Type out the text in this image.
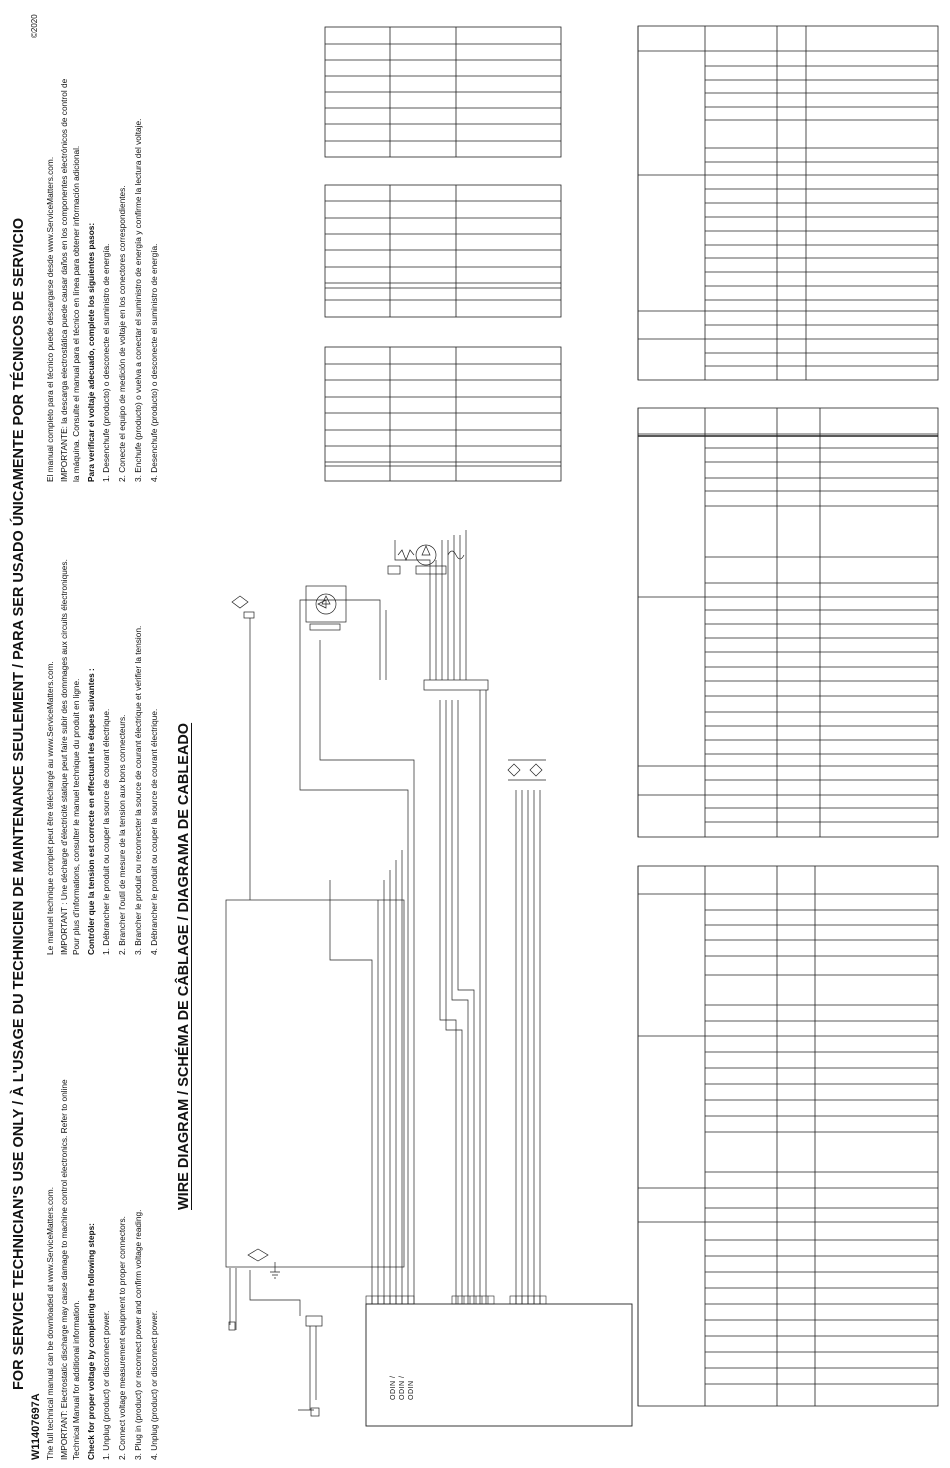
FOR SERVICE TECHNICIAN'S USE ONLY / À L'USAGE DU TECHNICIEN DE MAINTENANCE SEULEMENT / PARA SER USADO ÚNICAMENTE POR TÉCNICOS DE SERVICIO
©2020
W11407697A The full technical manual can be downloaded at www.ServiceMatters.com. IMPORTANT: Electrostatic discharge may cause damage to machine control electronics. Refer to online Technical Manual for additional information. Check for proper voltage by completing the following steps: 1. Unplug (product) or disconnect power. 2. Connect voltage measurement equipment to proper connectors. 3. Plug in (product) or reconnect power and confirm voltage reading. 4. Unplug (product) or disconnect power.
Le manuel technique complet peut être téléchargé au www.ServiceMatters.com. IMPORTANT : Une décharge d'électricité statique peut faire subir des dommages aux circuits électroniques. Pour plus d'informations, consulter le manuel technique du produit en ligne. Contrôler que la tension est correcte en effectuant les étapes suivantes : 1. Débrancher le produit ou couper la source de courant électrique. 2. Brancher l'outil de mesure de la tension aux bons connecteurs. 3. Brancher le produit ou reconnecter la source de courant électrique et vérifier la tension. 4. Débrancher le produit ou couper la source de courant électrique.
El manual completo para el técnico puede descargarse desde www.ServiceMatters.com. IMPORTANTE: la descarga electrostática puede causar daños en los componentes electrónicos de control de la máquina. Consulte el manual para el técnico en línea para obtener información adicional. Para verificar el voltaje adecuado, complete los siguientes pasos: 1. Desenchufe (producto) o desconecte el suministro de energía. 2. Conecte el equipo de medición de voltaje en los conectores correspondientes. 3. Enchufe (producto) o vuelva a conectar el suministro de energía y confirme la lectura del voltaje. 4. Desenchufe (producto) o desconecte el suministro de energía.
WIRE DIAGRAM / SCHÉMA DE CÂBLAGE / DIAGRAMA DE CABLEADO
ODIN / ODIN / ODIN
